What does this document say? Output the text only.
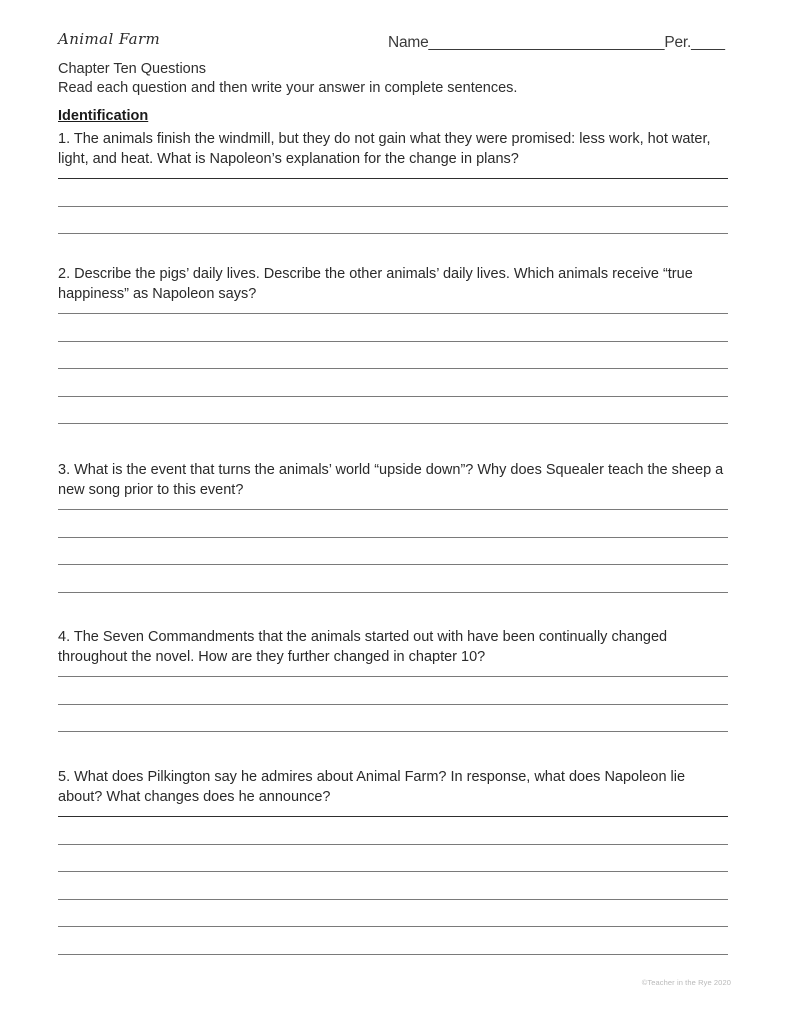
Animal Farm	Name____________________________Per.____
Chapter Ten Questions
Read each question and then write your answer in complete sentences.
Identification

1. The animals finish the windmill, but they do not gain what they were promised: less work, hot water, light, and heat. What is Napoleon’s explanation for the change in plans?

2. Describe the pigs’ daily lives. Describe the other animals’ daily lives. Which animals receive “true happiness” as Napoleon says?

3. What is the event that turns the animals’ world “upside down”? Why does Squealer teach the sheep a new song prior to this event?

4. The Seven Commandments that the animals started out with have been continually changed throughout the novel. How are they further changed in chapter 10?

5. What does Pilkington say he admires about Animal Farm? In response, what does Napoleon lie about? What changes does he announce?

©Teacher in the Rye 2020
